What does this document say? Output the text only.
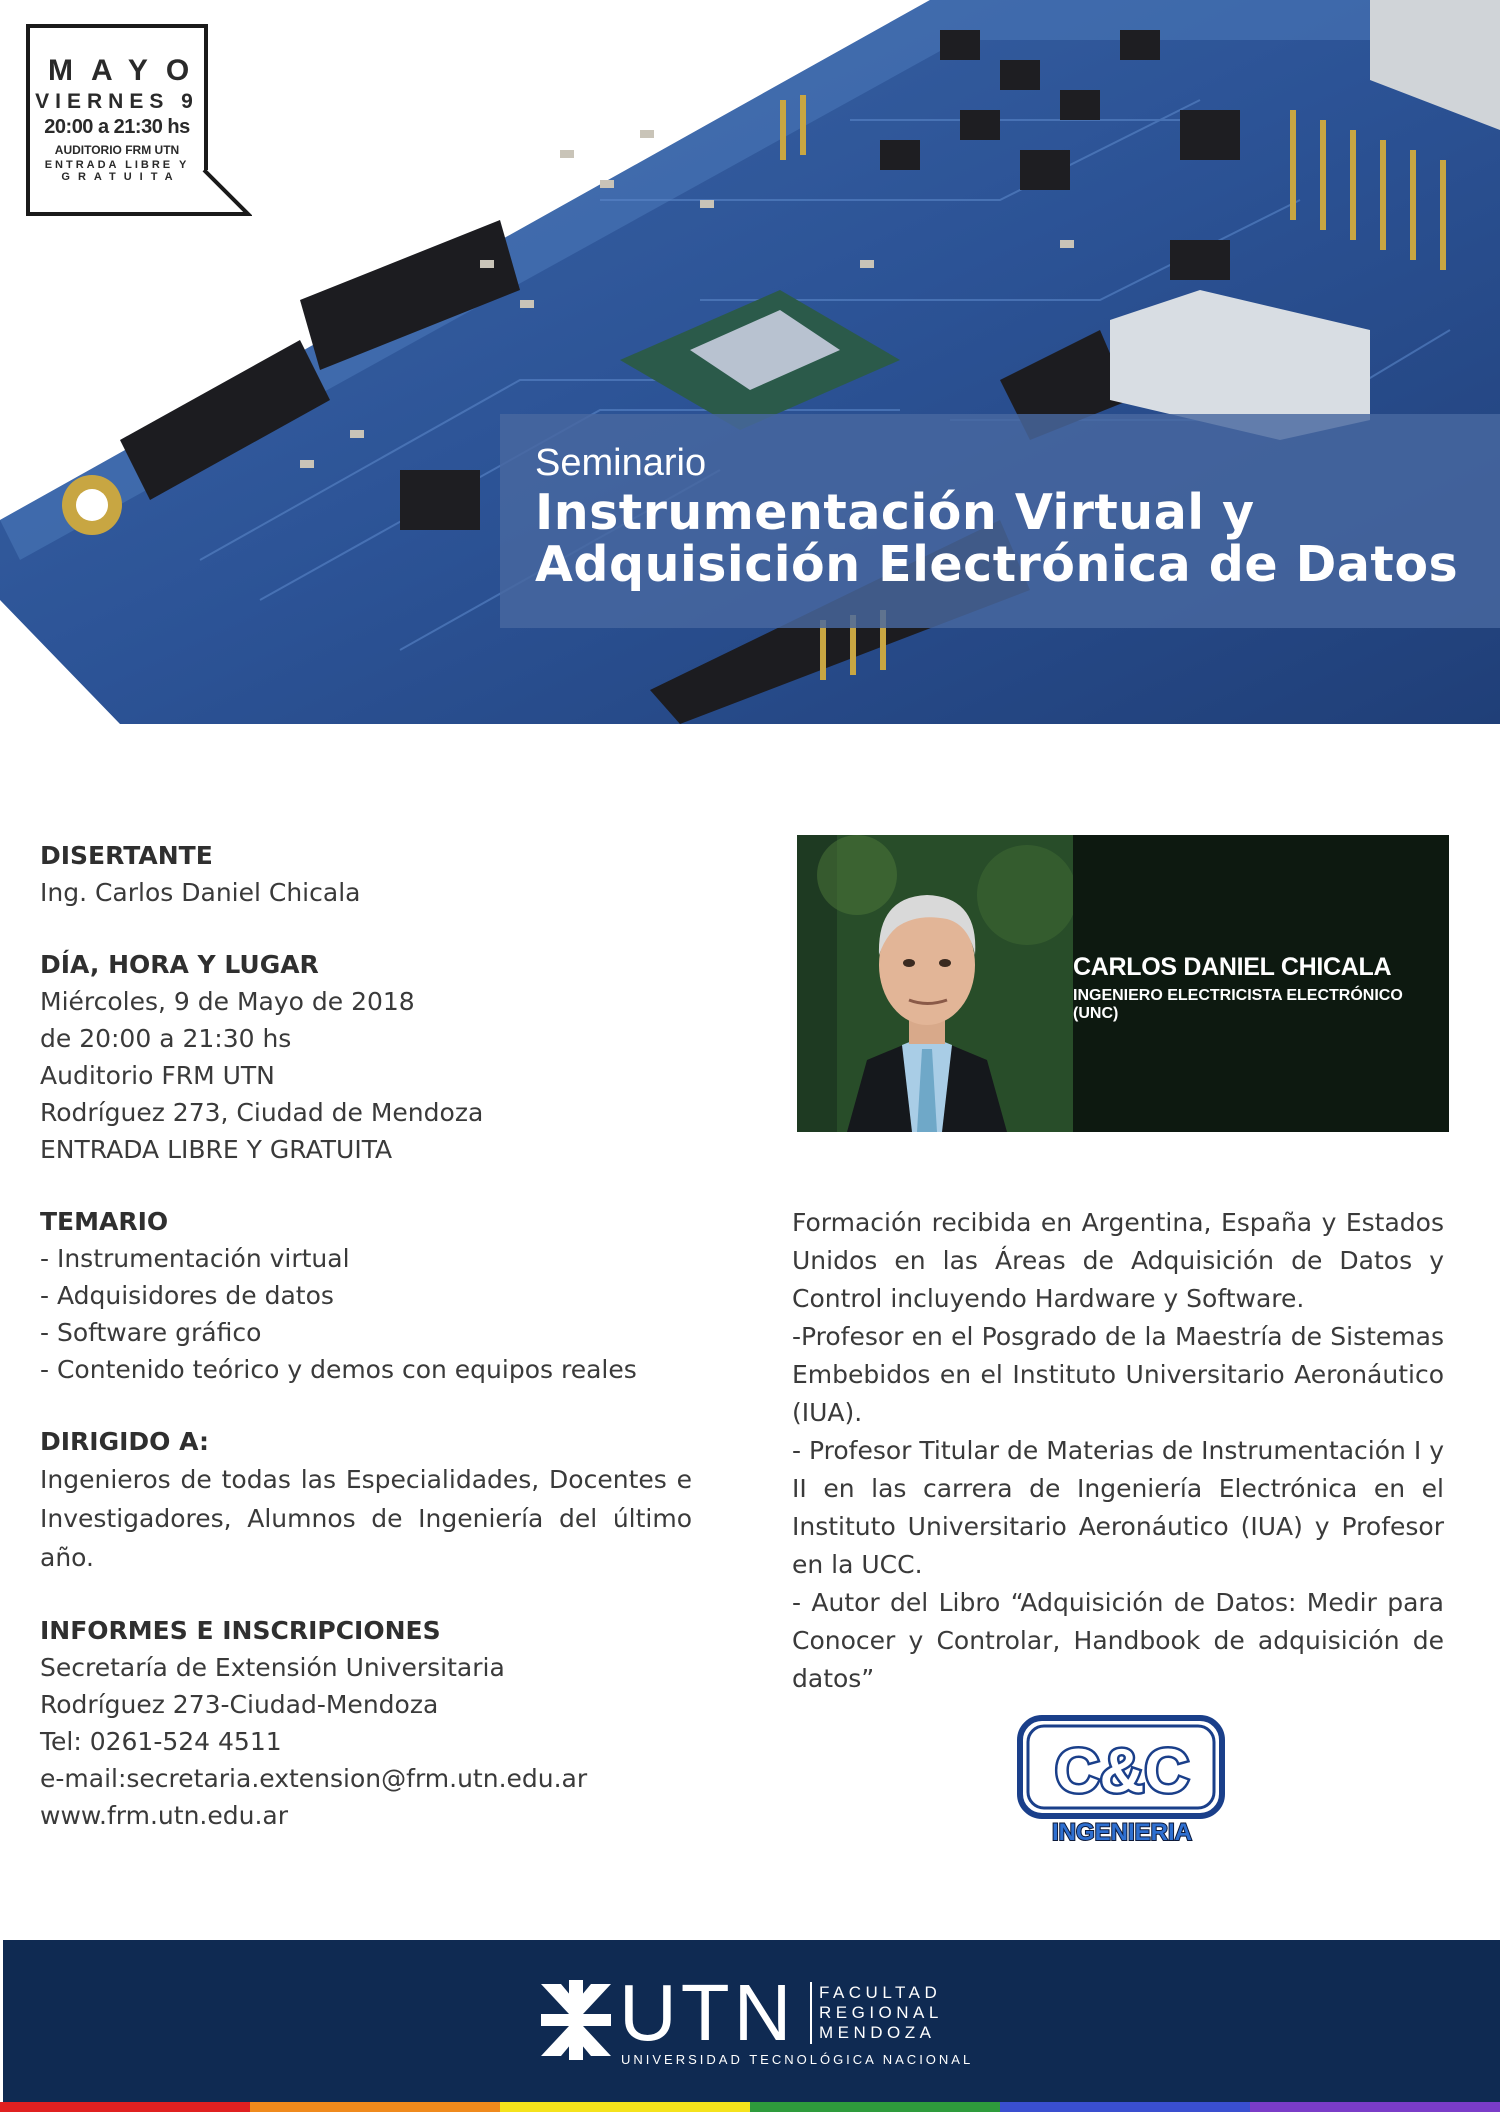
Seminario
Instrumentación Virtual y
Adquisición Electrónica de Datos
MAYO
VIERNES 9
20:00 a 21:30 hs
AUDITORIO FRM UTN
ENTRADA LIBRE Y
GRATUITA
DISERTANTE
Ing. Carlos Daniel Chicala
DÍA, HORA Y LUGAR
Miércoles, 9 de Mayo de 2018
de 20:00 a 21:30 hs
Auditorio FRM UTN
Rodríguez 273, Ciudad de Mendoza
ENTRADA LIBRE Y GRATUITA
TEMARIO
- Instrumentación virtual
- Adquisidores de datos
- Software gráfico
- Contenido teórico y demos con equipos reales
DIRIGIDO A:
Ingenieros de todas las Especialidades, Docentes e Investigadores, Alumnos de Ingeniería del último año.
INFORMES E INSCRIPCIONES
Secretaría de Extensión Universitaria
Rodríguez 273-Ciudad-Mendoza
Tel: 0261-524 4511
e-mail:secretaria.extension@frm.utn.edu.ar
www.frm.utn.edu.ar
CARLOS DANIEL CHICALA
INGENIERO ELECTRICISTA ELECTRÓNICO (UNC)

Formación recibida en Argentina, España y Estados Unidos en las Áreas de Adquisición de Datos y Control incluyendo Hardware y Software.

-Profesor en el Posgrado de la Maestría de Sistemas Embebidos en el Instituto Universitario Aeronáutico (IUA).

- Profesor Titular de Materias de Instrumentación I y II en las carrera de Ingeniería Electrónica en el Instituto Universitario Aeronáutico (IUA) y Profesor en la UCC.

- Autor del Libro “Adquisición de Datos: Medir para Conocer y Controlar, Handbook de adquisición de datos”

C&C
INGENIERIA
UTN FACULTAD
REGIONAL
MENDOZA
UNIVERSIDAD TECNOLÓGICA NACIONAL
